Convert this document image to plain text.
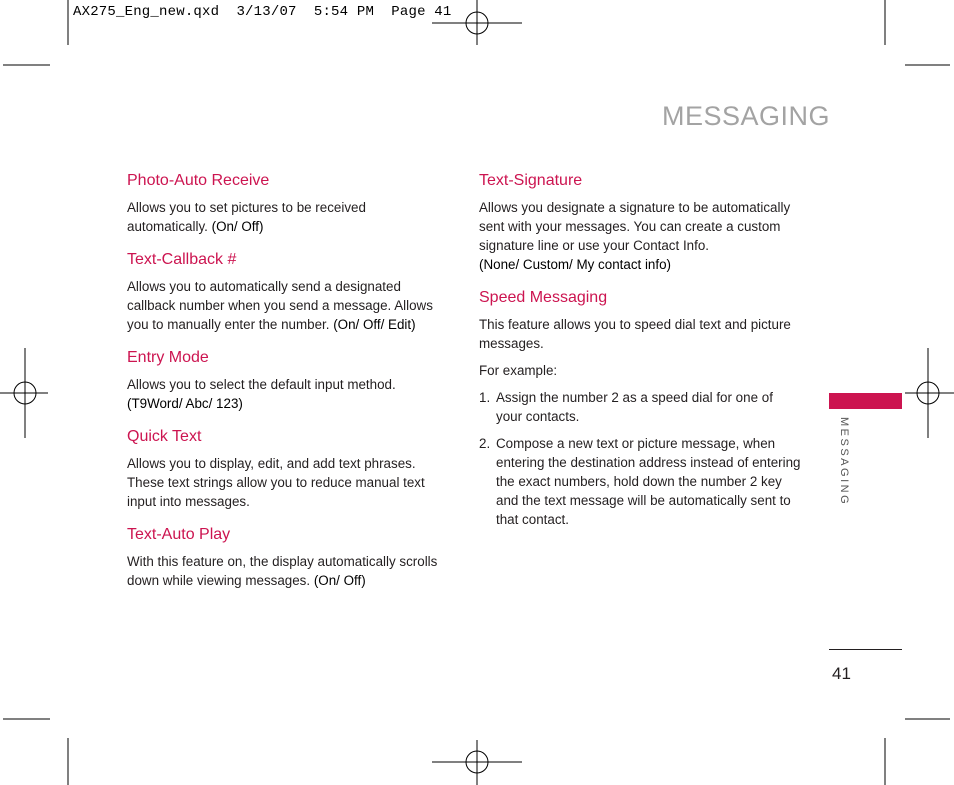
AX275_Eng_new.qxd 3/13/07 5:54 PM Page 41
MESSAGING
Photo-Auto Receive

Allows you to set pictures to be received automatically. (On/ Off)

Text-Callback #

Allows you to automatically send a designated callback number when you send a message. Allows you to manually enter the number. (On/ Off/ Edit)

Entry Mode

Allows you to select the default input method.
(T9Word/ Abc/ 123)

Quick Text

Allows you to display, edit, and add text phrases. These text strings allow you to reduce manual text input into messages.

Text-Auto Play

With this feature on, the display automatically scrolls down while viewing messages. (On/ Off)

Text-Signature

Allows you designate a signature to be automatically sent with your messages. You can create a custom signature line or use your Contact Info.
(None/ Custom/ My contact info)

Speed Messaging

This feature allows you to speed dial text and picture messages.

For example:

1. Assign the number 2 as a speed dial for one of your contacts.
2. Compose a new text or picture message, when entering the destination address instead of entering the exact numbers, hold down the number 2 key and the text message will be automatically sent to that contact.
MESSAGING
41
